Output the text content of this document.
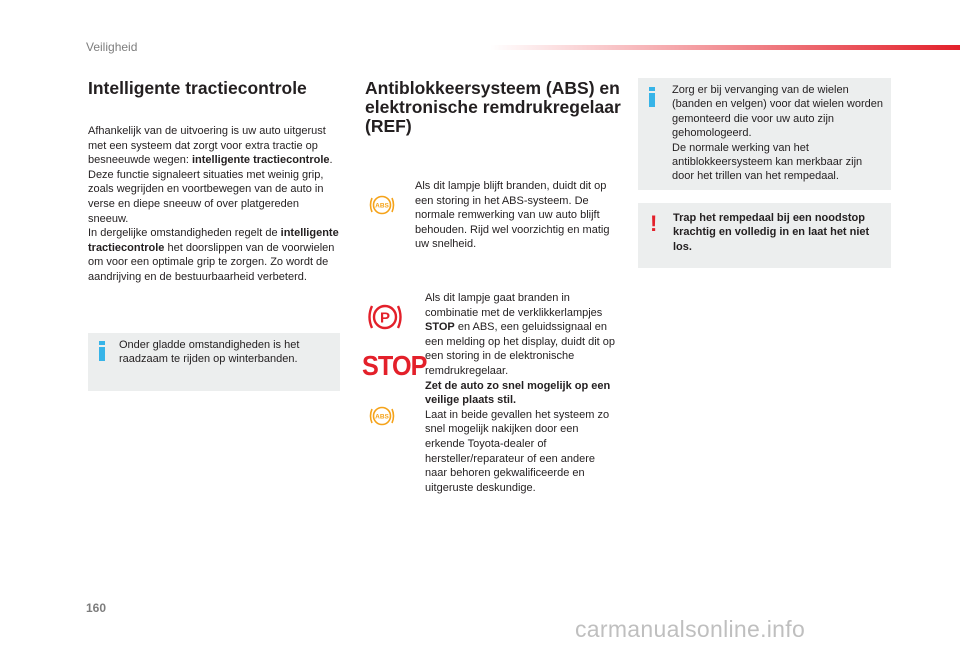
Veiligheid
Intelligente tractiecontrole
Afhankelijk van de uitvoering is uw auto uitgerust met een systeem dat zorgt voor extra tractie op besneeuwde wegen: intelligente tractiecontrole.
Deze functie signaleert situaties met weinig grip, zoals wegrijden en voortbewegen van de auto in verse en diepe sneeuw of over platgereden sneeuw.
In dergelijke omstandigheden regelt de intelligente tractiecontrole het doorslippen van de voorwielen om voor een optimale grip te zorgen. Zo wordt de aandrijving en de bestuurbaarheid verbeterd.
Onder gladde omstandigheden is het raadzaam te rijden op winterbanden.
Antiblokkeersysteem (ABS) en elektronische remdrukregelaar (REF)
ABS
Als dit lampje blijft branden, duidt dit op een storing in het ABS-systeem. De normale remwerking van uw auto blijft behouden. Rijd wel voorzichtig en matig uw snelheid.
P
STOP
ABS
Als dit lampje gaat branden in combinatie met de verklikkerlampjes STOP en ABS, een geluidssignaal en een melding op het display, duidt dit op een storing in de elektronische remdrukregelaar.
Zet de auto zo snel mogelijk op een veilige plaats stil.
Laat in beide gevallen het systeem zo snel mogelijk nakijken door een erkende Toyota-dealer of hersteller/reparateur of een andere naar behoren gekwalificeerde en uitgeruste deskundige.
Zorg er bij vervanging van de wielen (banden en velgen) voor dat wielen worden gemonteerd die voor uw auto zijn gehomologeerd.
De normale werking van het antiblokkeersysteem kan merkbaar zijn door het trillen van het rempedaal.
! Trap het rempedaal bij een noodstop krachtig en volledig in en laat het niet los.
160
carmanualsonline.info
